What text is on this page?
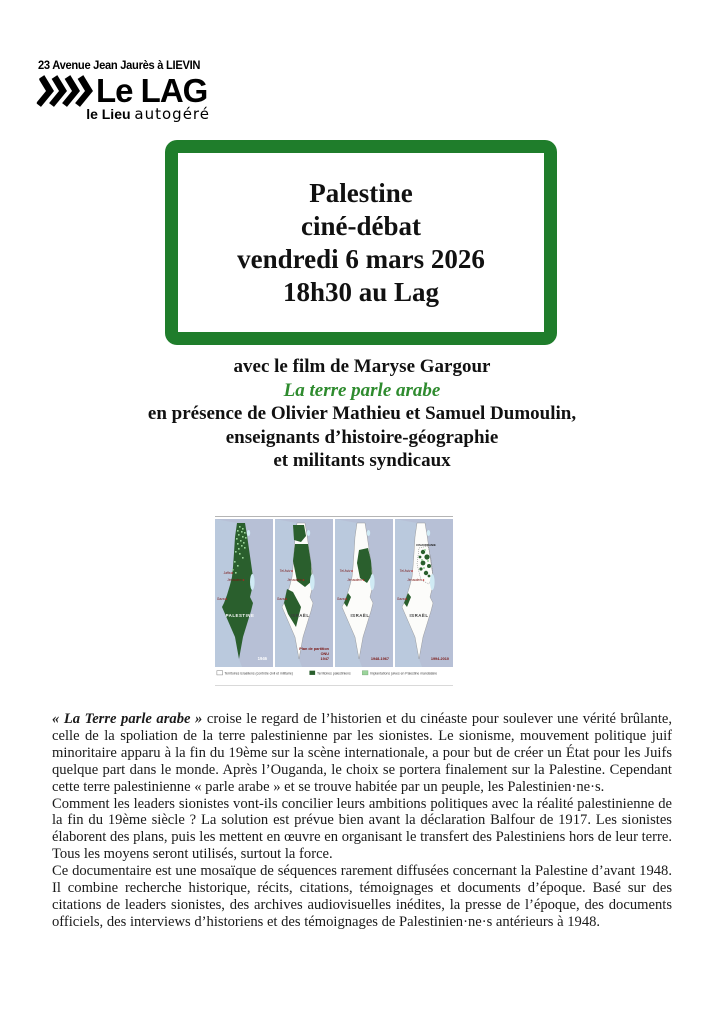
23 Avenue Jean Jaurès à LIEVIN
Le LAG
le Lieu autogéré
Palestine
ciné-débat
vendredi 6 mars 2026
18h30 au Lag
avec le film de Maryse Gargour
La terre parle arabe
en présence de Olivier Mathieu et Samuel Dumoulin,
enseignants d’histoire-géographie
et militants syndicaux
Jaffa
Jérusalem
Gaza
PALESTINE
1946
Tel Aviv
Jérusalem
Gaza
ISRAËL
Plan de partition
ONU
1947
Tel Aviv
Jérusalem
Gaza
ISRAËL
1948-1967
Tel Aviv
Jérusalem
Gaza
CISJORDANIE
ISRAËL
1994-2010
Territoires israéliens (contrôle civil et militaire)	Territoires palestiniens	Implantations juives en Palestine mandataire

« La Terre parle arabe » croise le regard de l’historien et du cinéaste pour soulever une vérité brûlante, celle de la spoliation de la terre palestinienne par les sionistes. Le sionisme, mouvement politique juif minoritaire apparu à la fin du 19ème sur la scène internationale, a pour but de créer un État pour les Juifs quelque part dans le monde. Après l’Ouganda, le choix se portera finalement sur la Palestine. Cependant cette terre palestinienne « parle arabe » et se trouve habitée par un peuple, les Palestinien·ne·s.

Comment les leaders sionistes vont-ils concilier leurs ambitions politiques avec la réalité palestinienne de la fin du 19ème siècle ? La solution est prévue bien avant la déclaration Balfour de 1917. Les sionistes élaborent des plans, puis les mettent en œuvre en organisant le transfert des Palestiniens hors de leur terre. Tous les moyens seront utilisés, surtout la force.

Ce documentaire est une mosaïque de séquences rarement diffusées concernant la Palestine d’avant 1948. Il combine recherche historique, récits, citations, témoignages et documents d’époque. Basé sur des citations de leaders sionistes, des archives audiovisuelles inédites, la presse de l’époque, des documents officiels, des interviews d’historiens et des témoignages de Palestinien·ne·s antérieurs à 1948.
